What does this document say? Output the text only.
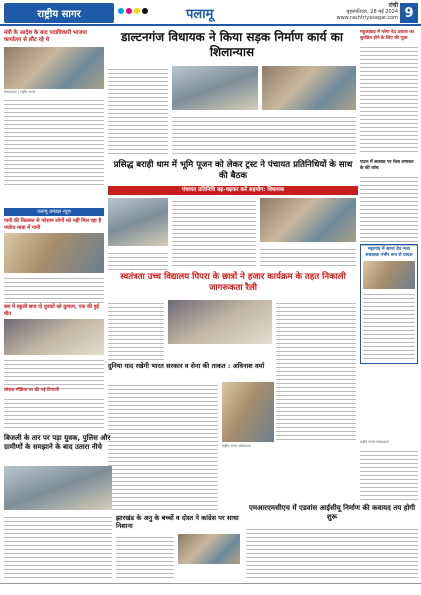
राष्ट्रीय सागर	पलामू
रांची
बृहस्पतिवार, 28 मई 2024
www.rashtriyasagar.com 9
मंत्री के आदेश के बाद पदाधिकारी भाजपा कार्यालय से लौट रहे थे
संवाददाता / राष्ट्रीय सागर
डाल्टनगंज विधायक ने किया सड़क निर्माण कार्य का शिलान्यास
महुआडाड़ में नरेगा वेद प्रकाश का सुरक्षित होने के लिए की पूजा
प्रसिद्ध बराही धाम में भूमि पूजन को लेकर ट्रस्ट ने पंचायत प्रतिनिधियों के साथ की बैठक
पंचायत प्रतिनिधि बढ़-चढ़कर करें सहयोग: विधायक
पलामू प्रमंडल न्यूज़
पानी की किल्लत से परेशान लोगों को नहीं मिल रहा है पर्याप्त मात्रा में पानी
बस में स्कूली छात्र दो युवकों को कुचला, एक की हुई मौत
सोशल मीडिया पर की गई टिप्पणी
पाटन में बरसात पर मेला लगाकर के की जांच
मझगांव में सरना देव भव्य संचालक गंभीर रूप से घायल
स्वतंत्रता उच्च विद्यालय पिपरा के छात्रों ने हजार कार्यक्रम के तहत निकाली जागरूकता रैली
दुनिया याद रखेगी भारत सरकार व सेना की ताकत : अविनाश वर्मा
राष्ट्रीय सागर संवाददाता
बिजली के तार पर पड़ा युवक, पुलिस और ग्रामीणों के समझाने के बाद उतारा नीचे
झारखंड के अनु के बच्चों व दोस्त ने कांग्रेस पर साधा निशाना
एमआरएमसीएच में एडवांस आईसीयू निर्माण की कवायद तय होगी शुरू
राष्ट्रीय सागर संवाददाता
